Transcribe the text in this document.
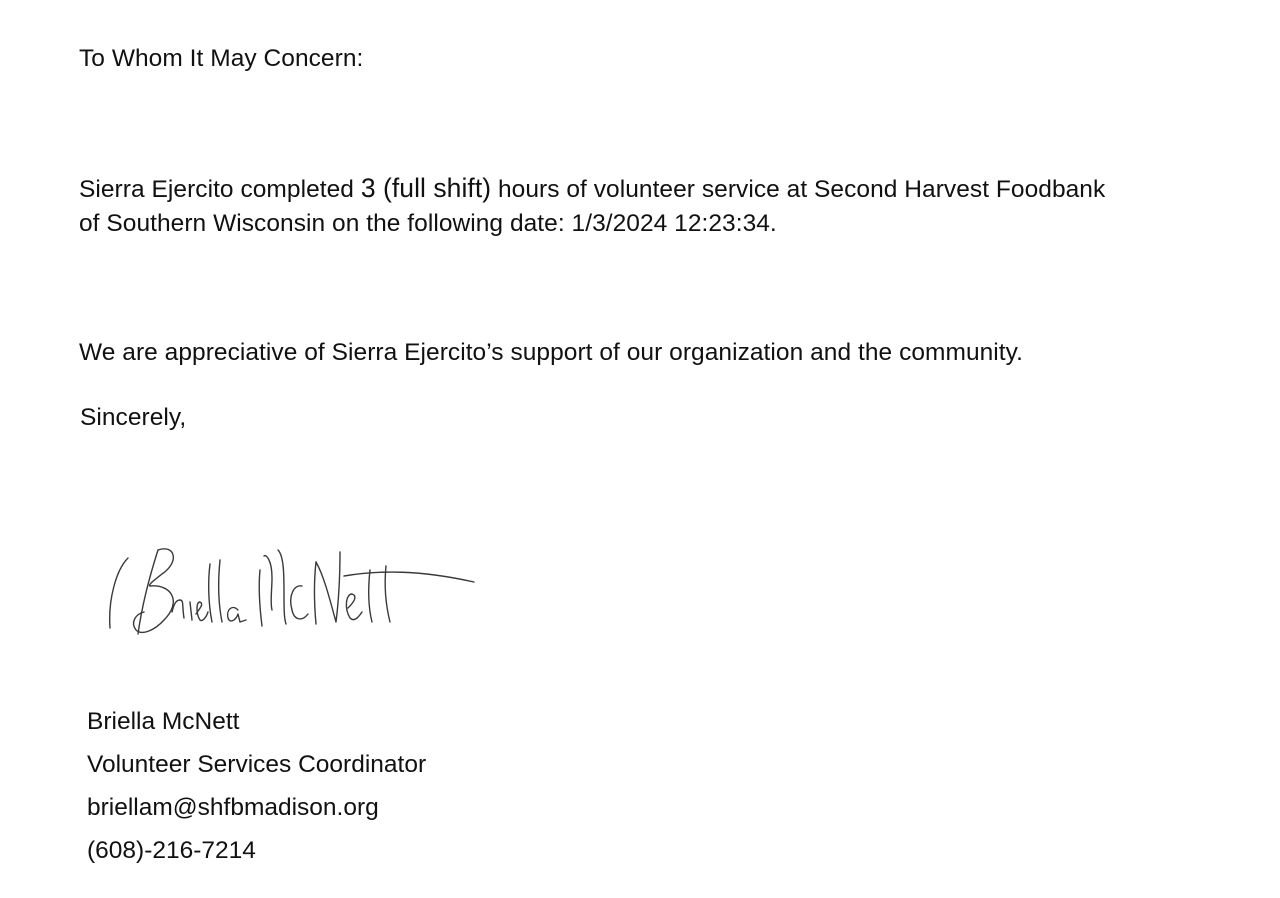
To Whom It May Concern:
Sierra Ejercito completed 3 (full shift) hours of volunteer service at Second Harvest Foodbank
of Southern Wisconsin on the following date: 1/3/2024 12:23:34.
We are appreciative of Sierra Ejercito’s support of our organization and the community.
Sincerely,
Briella McNett
Volunteer Services Coordinator
briellam@shfbmadison.org
(608)-216-7214
